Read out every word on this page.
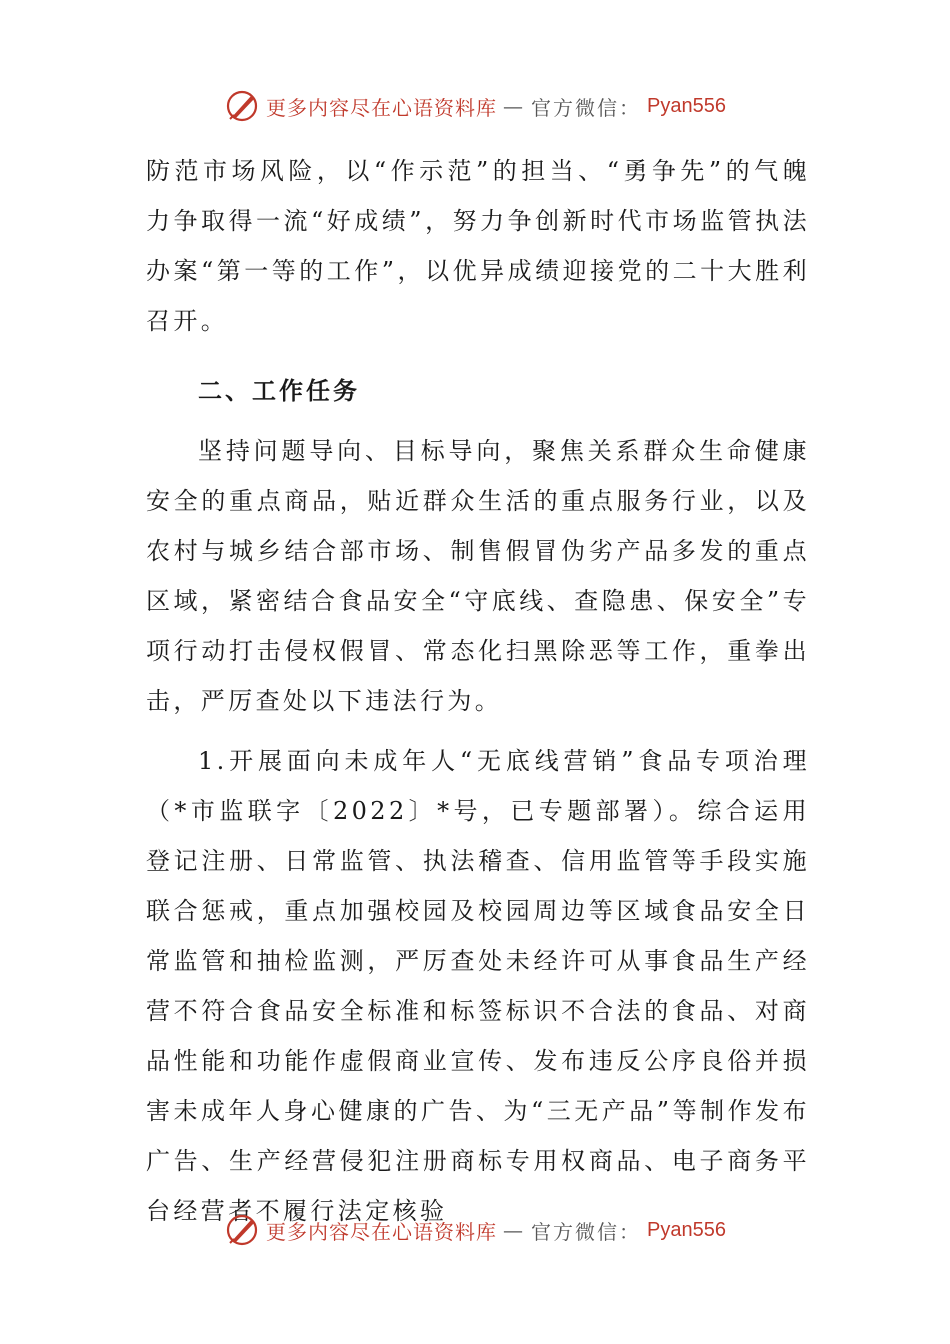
更多内容尽在心语资料库 — 官方微信： Pyan556

防范市场风险，以“作示范”的担当、“勇争先”的气魄力争取得一流“好成绩”，努力争创新时代市场监管执法办案“第一等的工作”，以优异成绩迎接党的二十大胜利召开。

二、工作任务

坚持问题导向、目标导向，聚焦关系群众生命健康安全的重点商品，贴近群众生活的重点服务行业，以及农村与城乡结合部市场、制售假冒伪劣产品多发的重点区域，紧密结合食品安全“守底线、查隐患、保安全”专项行动打击侵权假冒、常态化扫黑除恶等工作，重拳出击，严厉查处以下违法行为。

1.开展面向未成年人“无底线营销”食品专项治理（*市监联字〔2022〕*号，已专题部署）。综合运用登记注册、日常监管、执法稽查、信用监管等手段实施联合惩戒，重点加强校园及校园周边等区域食品安全日常监管和抽检监测，严厉查处未经许可从事食品生产经营不符合食品安全标准和标签标识不合法的食品、对商品性能和功能作虚假商业宣传、发布违反公序良俗并损害未成年人身心健康的广告、为“三无产品”等制作发布广告、生产经营侵犯注册商标专用权商品、电子商务平台经营者不履行法定核验

更多内容尽在心语资料库 — 官方微信： Pyan556
